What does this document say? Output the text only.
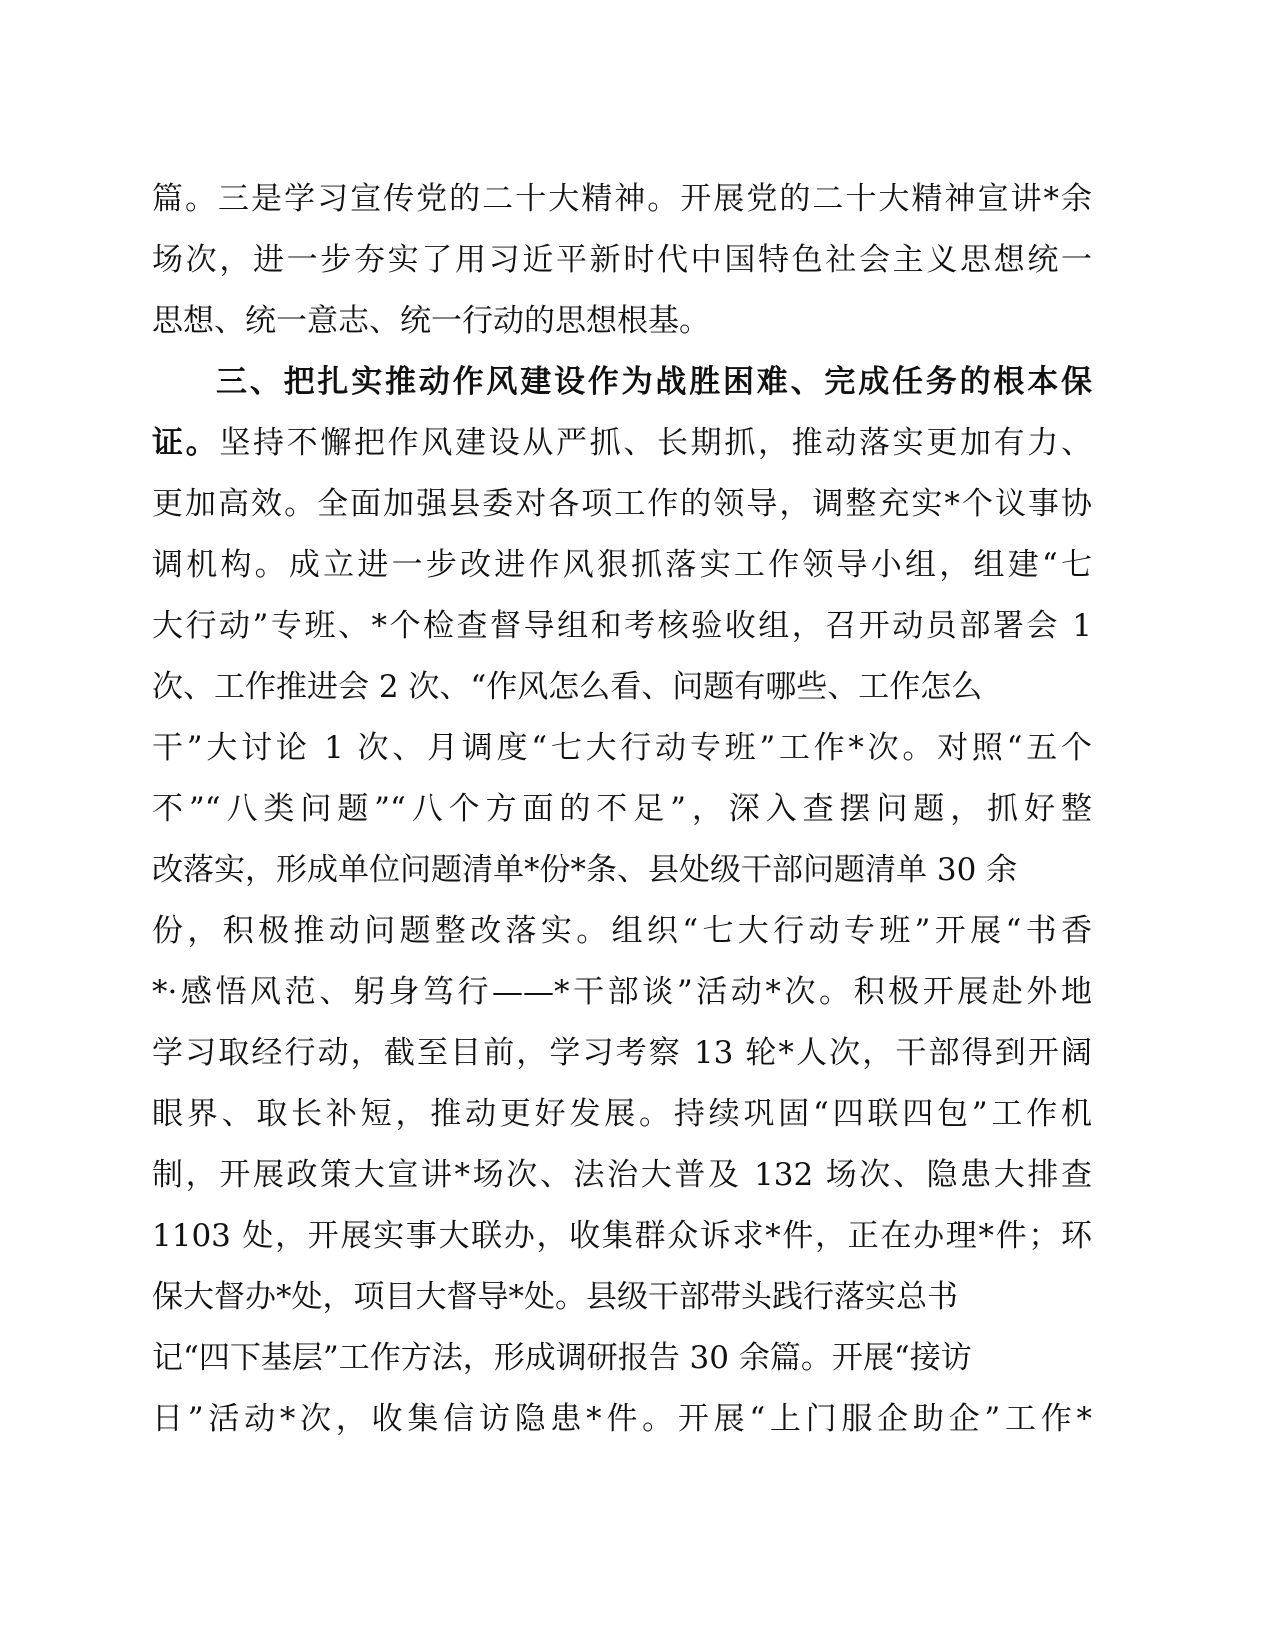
篇。三是学习宣传党的二十大精神。开展党的二十大精神宣讲*余
场次，进一步夯实了用习近平新时代中国特色社会主义思想统一
思想、统一意志、统一行动的思想根基。
三、把扎实推动作风建设作为战胜困难、完成任务的根本保
证。坚持不懈把作风建设从严抓、长期抓，推动落实更加有力、
更加高效。全面加强县委对各项工作的领导，调整充实*个议事协
调机构。成立进一步改进作风狠抓落实工作领导小组，组建“七
大行动”专班、*个检查督导组和考核验收组，召开动员部署会 1
次、工作推进会 2 次、“作风怎么看、问题有哪些、工作怎么
干”大讨论 1 次、月调度“七大行动专班”工作*次。对照“五个
不”“八类问题”“八个方面的不足”，深入查摆问题，抓好整
改落实，形成单位问题清单*份*条、县处级干部问题清单 30 余
份，积极推动问题整改落实。组织“七大行动专班”开展“书香
*·感悟风范、躬身笃行——*干部谈”活动*次。积极开展赴外地
学习取经行动，截至目前，学习考察 13 轮*人次，干部得到开阔
眼界、取长补短，推动更好发展。持续巩固“四联四包”工作机
制，开展政策大宣讲*场次、法治大普及 132 场次、隐患大排查
1103 处，开展实事大联办，收集群众诉求*件，正在办理*件；环
保大督办*处，项目大督导*处。县级干部带头践行落实总书
记“四下基层”工作方法，形成调研报告 30 余篇。开展“接访
日”活动*次，收集信访隐患*件。开展“上门服企助企”工作*
